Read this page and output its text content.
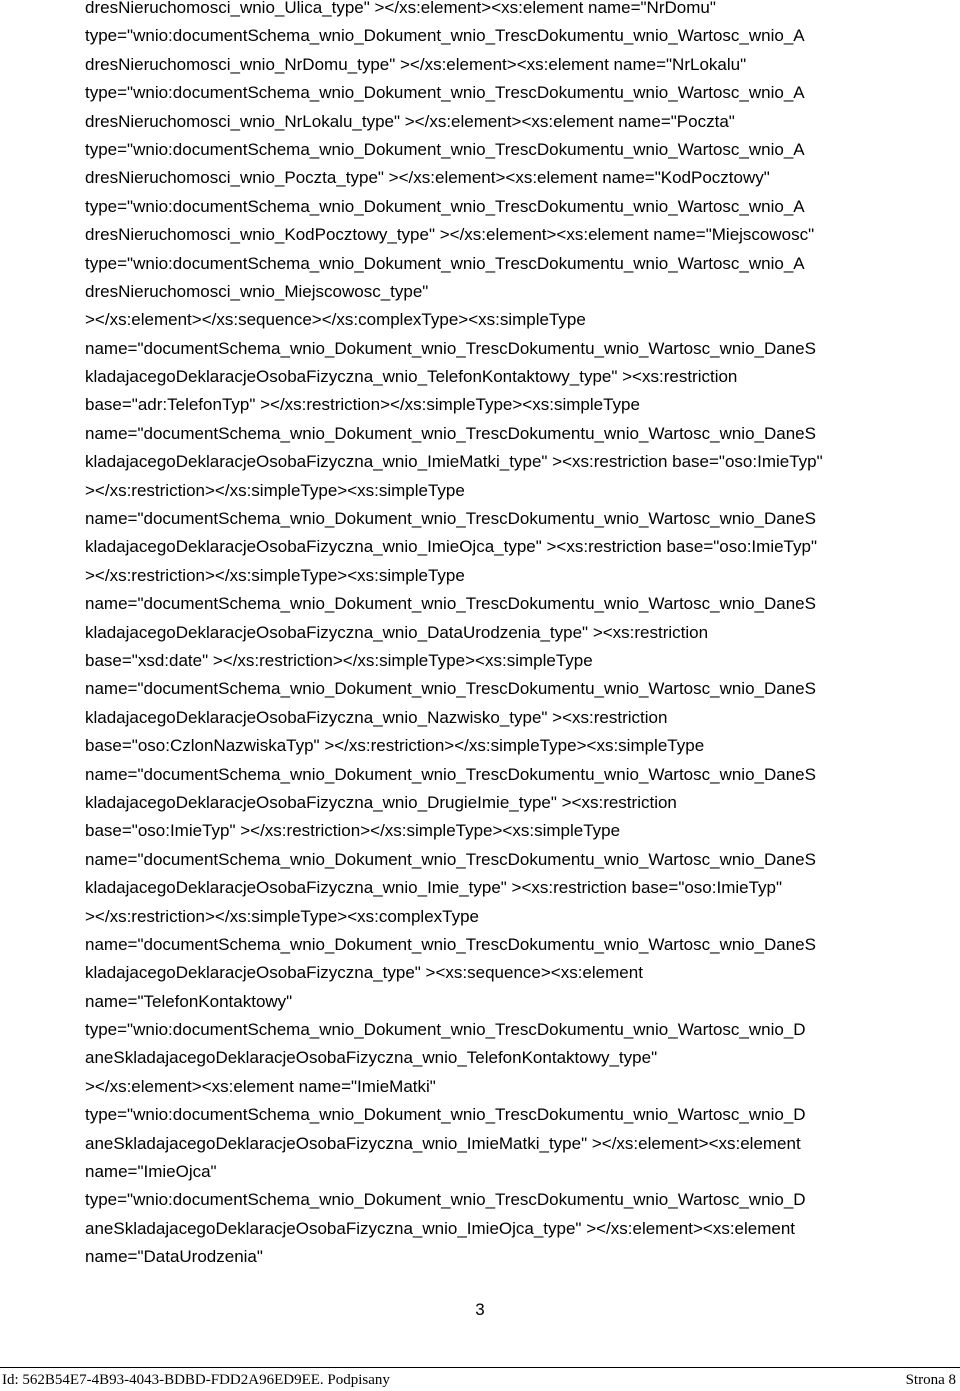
dresNieruchomosci_wnio_Ulica_type" ></xs:element><xs:element name="NrDomu"
type="wnio:documentSchema_wnio_Dokument_wnio_TrescDokumentu_wnio_Wartosc_wnio_A
dresNieruchomosci_wnio_NrDomu_type" ></xs:element><xs:element name="NrLokalu"
type="wnio:documentSchema_wnio_Dokument_wnio_TrescDokumentu_wnio_Wartosc_wnio_A
dresNieruchomosci_wnio_NrLokalu_type" ></xs:element><xs:element name="Poczta"
type="wnio:documentSchema_wnio_Dokument_wnio_TrescDokumentu_wnio_Wartosc_wnio_A
dresNieruchomosci_wnio_Poczta_type" ></xs:element><xs:element name="KodPocztowy"
type="wnio:documentSchema_wnio_Dokument_wnio_TrescDokumentu_wnio_Wartosc_wnio_A
dresNieruchomosci_wnio_KodPocztowy_type" ></xs:element><xs:element name="Miejscowosc"
type="wnio:documentSchema_wnio_Dokument_wnio_TrescDokumentu_wnio_Wartosc_wnio_A
dresNieruchomosci_wnio_Miejscowosc_type"
></xs:element></xs:sequence></xs:complexType><xs:simpleType
name="documentSchema_wnio_Dokument_wnio_TrescDokumentu_wnio_Wartosc_wnio_DaneS
kladajacegoDeklaracjeOsobaFizyczna_wnio_TelefonKontaktowy_type" ><xs:restriction
base="adr:TelefonTyp" ></xs:restriction></xs:simpleType><xs:simpleType
name="documentSchema_wnio_Dokument_wnio_TrescDokumentu_wnio_Wartosc_wnio_DaneS
kladajacegoDeklaracjeOsobaFizyczna_wnio_ImieMatki_type" ><xs:restriction base="oso:ImieTyp"
></xs:restriction></xs:simpleType><xs:simpleType
name="documentSchema_wnio_Dokument_wnio_TrescDokumentu_wnio_Wartosc_wnio_DaneS
kladajacegoDeklaracjeOsobaFizyczna_wnio_ImieOjca_type" ><xs:restriction base="oso:ImieTyp"
></xs:restriction></xs:simpleType><xs:simpleType
name="documentSchema_wnio_Dokument_wnio_TrescDokumentu_wnio_Wartosc_wnio_DaneS
kladajacegoDeklaracjeOsobaFizyczna_wnio_DataUrodzenia_type" ><xs:restriction
base="xsd:date" ></xs:restriction></xs:simpleType><xs:simpleType
name="documentSchema_wnio_Dokument_wnio_TrescDokumentu_wnio_Wartosc_wnio_DaneS
kladajacegoDeklaracjeOsobaFizyczna_wnio_Nazwisko_type" ><xs:restriction
base="oso:CzlonNazwiskaTyp" ></xs:restriction></xs:simpleType><xs:simpleType
name="documentSchema_wnio_Dokument_wnio_TrescDokumentu_wnio_Wartosc_wnio_DaneS
kladajacegoDeklaracjeOsobaFizyczna_wnio_DrugieImie_type" ><xs:restriction
base="oso:ImieTyp" ></xs:restriction></xs:simpleType><xs:simpleType
name="documentSchema_wnio_Dokument_wnio_TrescDokumentu_wnio_Wartosc_wnio_DaneS
kladajacegoDeklaracjeOsobaFizyczna_wnio_Imie_type" ><xs:restriction base="oso:ImieTyp"
></xs:restriction></xs:simpleType><xs:complexType
name="documentSchema_wnio_Dokument_wnio_TrescDokumentu_wnio_Wartosc_wnio_DaneS
kladajacegoDeklaracjeOsobaFizyczna_type" ><xs:sequence><xs:element
name="TelefonKontaktowy"
type="wnio:documentSchema_wnio_Dokument_wnio_TrescDokumentu_wnio_Wartosc_wnio_D
aneSkladajacegoDeklaracjeOsobaFizyczna_wnio_TelefonKontaktowy_type"
></xs:element><xs:element name="ImieMatki"
type="wnio:documentSchema_wnio_Dokument_wnio_TrescDokumentu_wnio_Wartosc_wnio_D
aneSkladajacegoDeklaracjeOsobaFizyczna_wnio_ImieMatki_type" ></xs:element><xs:element
name="ImieOjca"
type="wnio:documentSchema_wnio_Dokument_wnio_TrescDokumentu_wnio_Wartosc_wnio_D
aneSkladajacegoDeklaracjeOsobaFizyczna_wnio_ImieOjca_type" ></xs:element><xs:element
name="DataUrodzenia"
3
Id: 562B54E7-4B93-4043-BDBD-FDD2A96ED9EE. Podpisany	Strona 8
